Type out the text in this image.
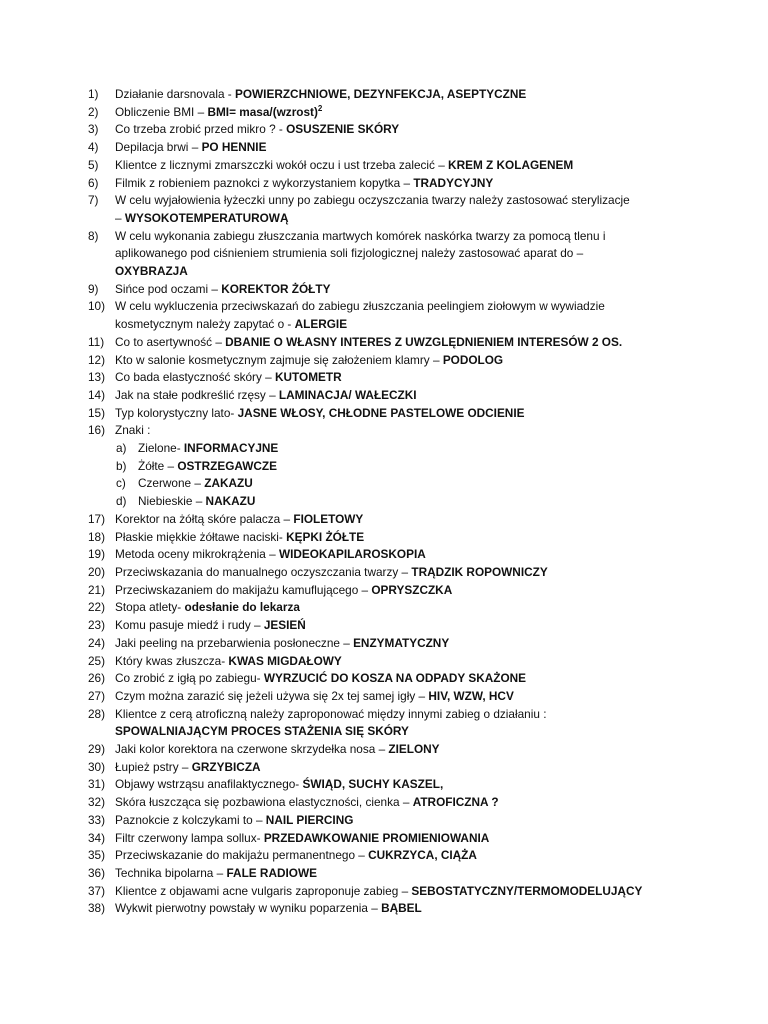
1)	Działanie darsnovala - POWIERZCHNIOWE, DEZYNFEKCJA, ASEPTYCZNE
2)	Obliczenie BMI – BMI= masa/(wzrost)$^2$
3)	Co trzeba zrobić przed mikro ? - OSUSZENIE SKÓRY
4)	Depilacja brwi – PO HENNIE
5)	Klientce z licznymi zmarszczki wokół oczu i ust trzeba zalecić – KREM Z KOLAGENEM
6)	Filmik z robieniem paznokci z wykorzystaniem kopytka – TRADYCYJNY
7)	W celu wyjałowienia łyżeczki unny po zabiegu oczyszczania twarzy należy zastosować sterylizacje
– WYSOKOTEMPERATUROWĄ
8)	W celu wykonania zabiegu złuszczania martwych komórek naskórka twarzy za pomocą tlenu i
aplikowanego pod ciśnieniem strumienia soli fizjologicznej należy zastosować aparat do –
OXYBRAZJA
9)	Sińce pod oczami – KOREKTOR ŻÓŁTY
10) W celu wykluczenia przeciwskazań do zabiegu złuszczania peelingiem ziołowym w wywiadzie
kosmetycznym należy zapytać o - ALERGIE
11) Co to asertywność – DBANIE O WŁASNY INTERES Z UWZGLĘDNIENIEM INTERESÓW 2 OS.
12) Kto w salonie kosmetycznym zajmuje się założeniem klamry – PODOLOG
13) Co bada elastyczność skóry – KUTOMETR
14) Jak na stałe podkreślić rzęsy – LAMINACJA/ WAŁECZKI
15) Typ kolorystyczny lato- JASNE WŁOSY, CHŁODNE PASTELOWE ODCIENIE
16) Znaki :
a) Zielone- INFORMACYJNE
b) Żółte – OSTRZEGAWCZE
c)	Czerwone – ZAKAZU
d) Niebieskie – NAKAZU
17) Korektor na żółtą skóre palacza – FIOLETOWY
18) Płaskie miękkie żółtawe naciski- KĘPKI ŻÓŁTE
19) Metoda oceny mikrokrążenia – WIDEOKAPILAROSKOPIA
20) Przeciwskazania do manualnego oczyszczania twarzy – TRĄDZIK ROPOWNICZY
21) Przeciwskazaniem do makijażu kamuflującego – OPRYSZCZKA
22) Stopa atlety- odesłanie do lekarza
23) Komu pasuje miedź i rudy – JESIEŃ
24) Jaki peeling na przebarwienia posłoneczne – ENZYMATYCZNY
25) Który kwas złuszcza- KWAS MIGDAŁOWY
26) Co zrobić z igłą po zabiegu- WYRZUCIĆ DO KOSZA NA ODPADY SKAŻONE
27) Czym można zarazić się jeżeli używa się 2x tej samej igły – HIV, WZW, HCV
28) Klientce z cerą atroficzną należy zaproponować między innymi zabieg o działaniu :
SPOWALNIAJĄCYM PROCES STAŻENIA SIĘ SKÓRY
29) Jaki kolor korektora na czerwone skrzydełka nosa – ZIELONY
30) Łupież pstry – GRZYBICZA
31) Objawy wstrząsu anafilaktycznego- ŚWIĄD, SUCHY KASZEL,
32) Skóra łuszcząca się pozbawiona elastyczności, cienka – ATROFICZNA ?
33) Paznokcie z kolczykami to – NAIL PIERCING
34) Filtr czerwony lampa sollux- PRZEDAWKOWANIE PROMIENIOWANIA
35) Przeciwskazanie do makijażu permanentnego – CUKRZYCA, CIĄŻA
36) Technika bipolarna – FALE RADIOWE
37) Klientce z objawami acne vulgaris zaproponuje zabieg – SEBOSTATYCZNY/TERMOMODELUJĄCY
38) Wykwit pierwotny powstały w wyniku poparzenia – BĄBEL
